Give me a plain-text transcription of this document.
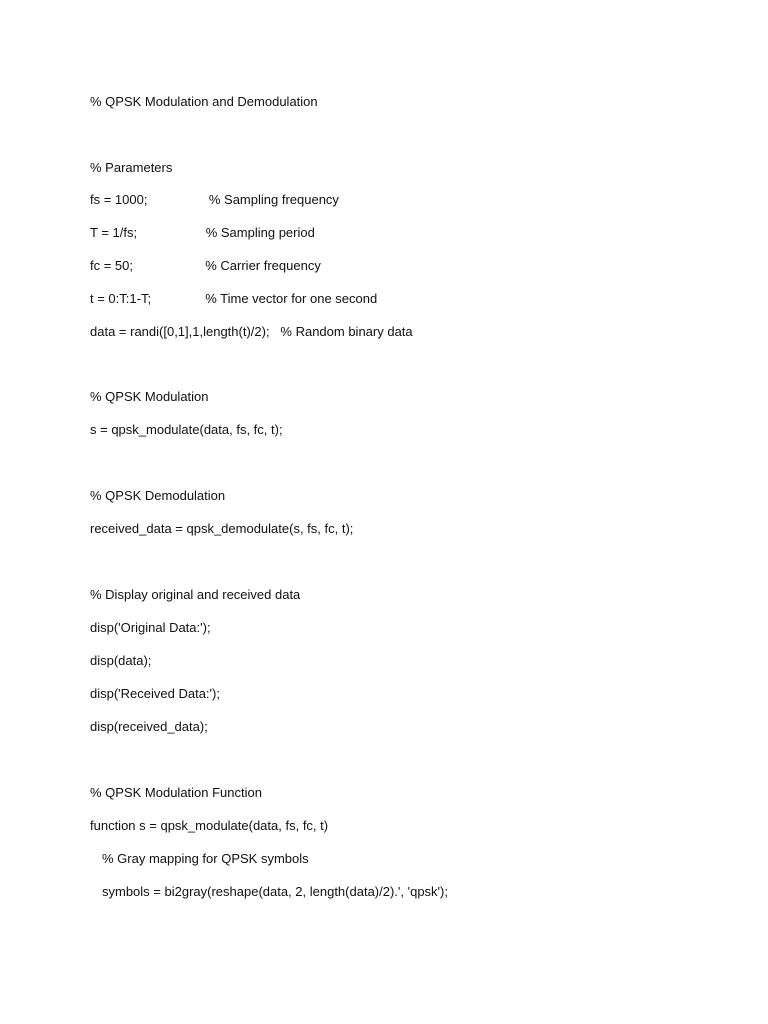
% QPSK Modulation and Demodulation
% Parameters
fs = 1000;                 % Sampling frequency
T = 1/fs;                   % Sampling period
fc = 50;                    % Carrier frequency
t = 0:T:1-T;               % Time vector for one second
data = randi([0,1],1,length(t)/2);   % Random binary data
% QPSK Modulation
s = qpsk_modulate(data, fs, fc, t);
% QPSK Demodulation
received_data = qpsk_demodulate(s, fs, fc, t);
% Display original and received data
disp('Original Data:');
disp(data);
disp('Received Data:');
disp(received_data);
% QPSK Modulation Function
function s = qpsk_modulate(data, fs, fc, t)
% Gray mapping for QPSK symbols
symbols = bi2gray(reshape(data, 2, length(data)/2).', 'qpsk');
